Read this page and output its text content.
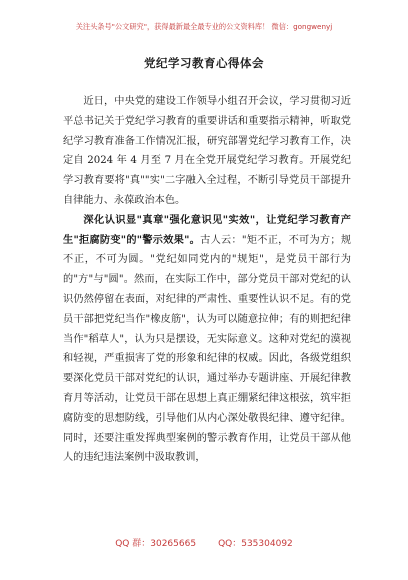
关注头条号"公文研究"，获得最新最全最专业的公文资料库！ 微信：gongwenyj
党纪学习教育心得体会

近日，中央党的建设工作领导小组召开会议，学习贯彻习近平总书记关于党纪学习教育的重要讲话和重要指示精神，听取党纪学习教育准备工作情况汇报，研究部署党纪学习教育工作，决定自 2024 年 4 月至 7 月在全党开展党纪学习教育。开展党纪学习教育要将"真""实"二字融入全过程，不断引导党员干部提升自律能力、永葆政治本色。

深化认识显"真章"强化意识见"实效"，让党纪学习教育产生"拒腐防变"的"警示效果"。古人云："矩不正，不可为方；规不正，不可为圆。"党纪如同党内的"规矩"，是党员干部行为的"方"与"圆"。然而，在实际工作中，部分党员干部对党纪的认识仍然停留在表面，对纪律的严肃性、重要性认识不足。有的党员干部把党纪当作"橡皮筋"，认为可以随意拉伸；有的则把纪律当作"稻草人"，认为只是摆设，无实际意义。这种对党纪的漠视和轻视，严重损害了党的形象和纪律的权威。因此，各级党组织要深化党员干部对党纪的认识，通过举办专题讲座、开展纪律教育月等活动，让党员干部在思想上真正绷紧纪律这根弦，筑牢拒腐防变的思想防线，引导他们从内心深处敬畏纪律、遵守纪律。同时，还要注重发挥典型案例的警示教育作用，让党员干部从他人的违纪违法案例中汲取教训，

QQ 群：30265665 QQ：535304092
